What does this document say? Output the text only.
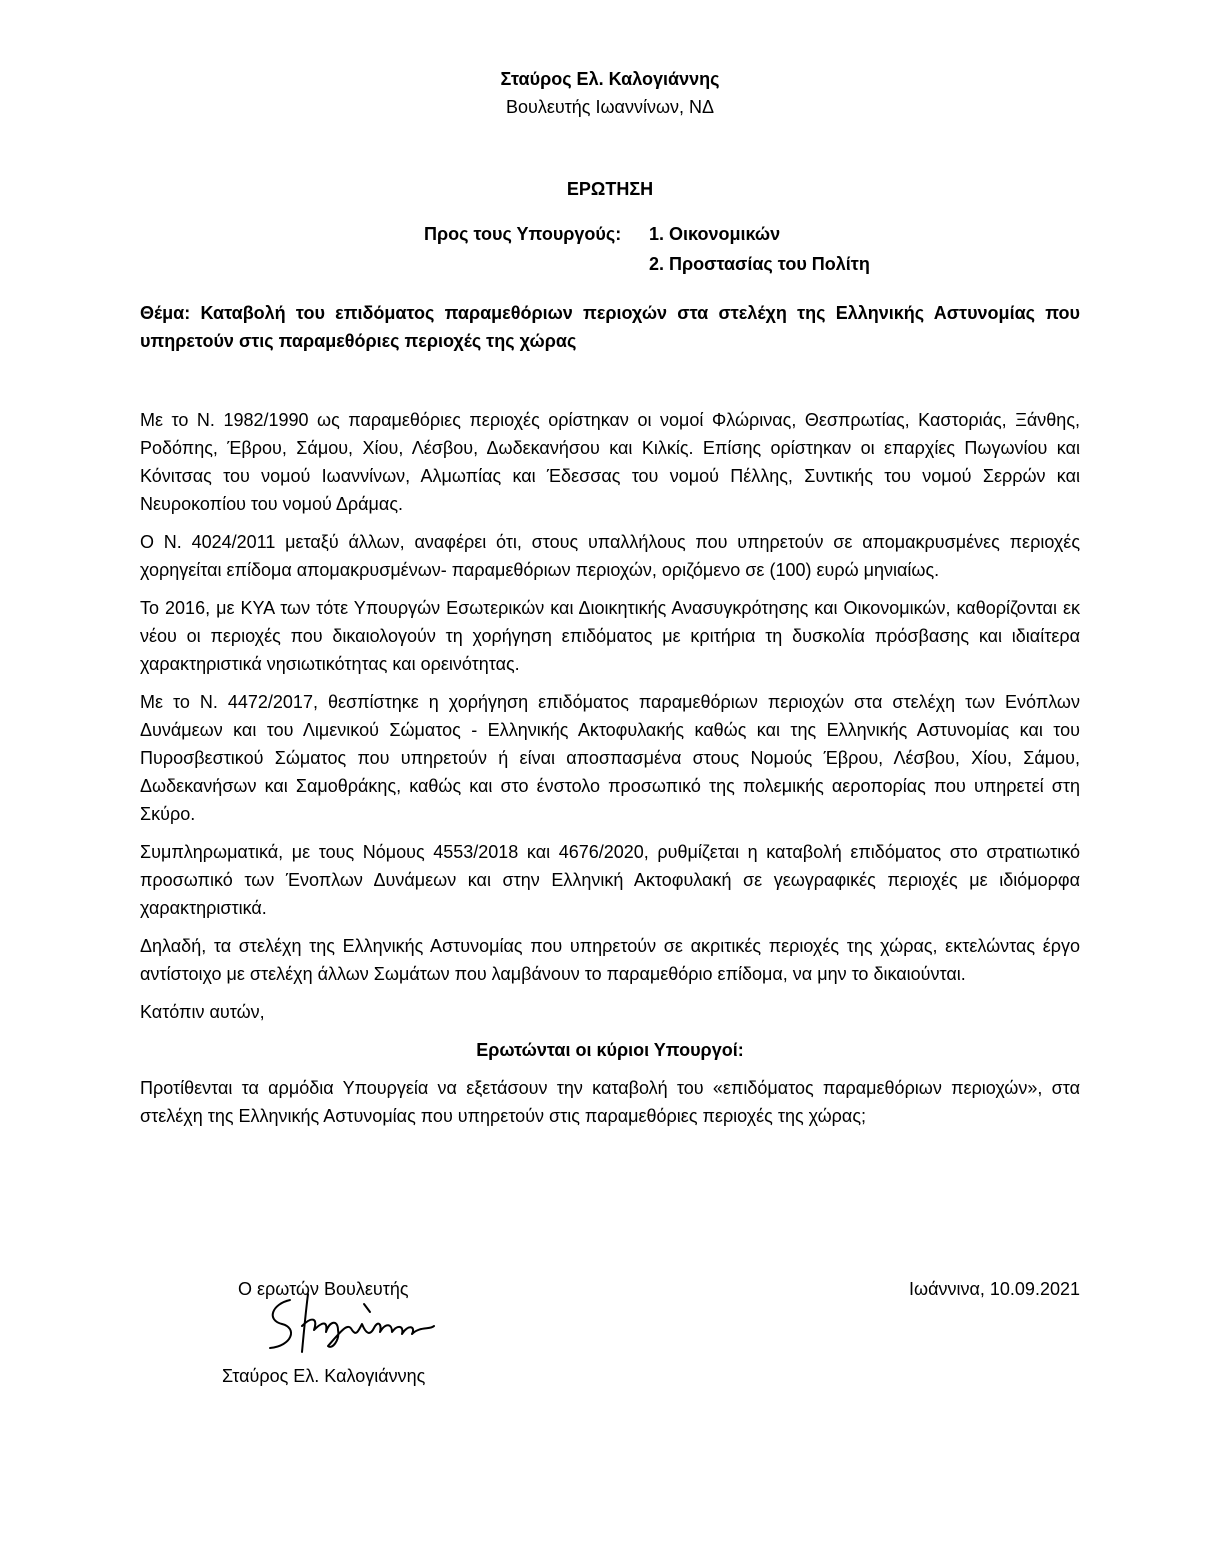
Σταύρος Ελ. Καλογιάννης
Βουλευτής Ιωαννίνων, ΝΔ
ΕΡΩΤΗΣΗ
Προς τους Υπουργούς:	1. Οικονομικών
2. Προστασίας του Πολίτη
Θέμα: Καταβολή του επιδόματος παραμεθόριων περιοχών στα στελέχη της Ελληνικής Αστυνομίας που υπηρετούν στις παραμεθόριες περιοχές της χώρας

Με το Ν. 1982/1990 ως παραμεθόριες περιοχές ορίστηκαν οι νομοί Φλώρινας, Θεσπρωτίας, Καστοριάς, Ξάνθης, Ροδόπης, Έβρου, Σάμου, Χίου, Λέσβου, Δωδεκανήσου και Κιλκίς. Επίσης ορίστηκαν οι επαρχίες Πωγωνίου και Κόνιτσας του νομού Ιωαννίνων, Αλμωπίας και Έδεσσας του νομού Πέλλης, Συντικής του νομού Σερρών και Νευροκοπίου του νομού Δράμας.

Ο Ν. 4024/2011 μεταξύ άλλων, αναφέρει ότι, στους υπαλλήλους που υπηρετούν σε απομακρυσμένες περιοχές χορηγείται επίδομα απομακρυσμένων- παραμεθόριων περιοχών, οριζόμενο σε (100) ευρώ μηνιαίως.

Το 2016, με ΚΥΑ των τότε Υπουργών Εσωτερικών και Διοικητικής Ανασυγκρότησης και Οικονομικών, καθορίζονται εκ νέου οι περιοχές που δικαιολογούν τη χορήγηση επιδόματος με κριτήρια τη δυσκολία πρόσβασης και ιδιαίτερα χαρακτηριστικά νησιωτικότητας και ορεινότητας.

Με το Ν. 4472/2017, θεσπίστηκε η χορήγηση επιδόματος παραμεθόριων περιοχών στα στελέχη των Ενόπλων Δυνάμεων και του Λιμενικού Σώματος - Ελληνικής Ακτοφυλακής καθώς και της Ελληνικής Αστυνομίας και του Πυροσβεστικού Σώματος που υπηρετούν ή είναι αποσπασμένα στους Νομούς Έβρου, Λέσβου, Χίου, Σάμου, Δωδεκανήσων και Σαμοθράκης, καθώς και στο ένστολο προσωπικό της πολεμικής αεροπορίας που υπηρετεί στη Σκύρο.

Συμπληρωματικά, με τους Νόμους 4553/2018 και 4676/2020, ρυθμίζεται η καταβολή επιδόματος στο στρατιωτικό προσωπικό των Ένοπλων Δυνάμεων και στην Ελληνική Ακτοφυλακή σε γεωγραφικές περιοχές με ιδιόμορφα χαρακτηριστικά.

Δηλαδή, τα στελέχη της Ελληνικής Αστυνομίας που υπηρετούν σε ακριτικές περιοχές της χώρας, εκτελώντας έργο αντίστοιχο με στελέχη άλλων Σωμάτων που λαμβάνουν το παραμεθόριο επίδομα, να μην το δικαιούνται.

Κατόπιν αυτών,

Ερωτώνται οι κύριοι Υπουργοί:

Προτίθενται τα αρμόδια Υπουργεία να εξετάσουν την καταβολή του «επιδόματος παραμεθόριων περιοχών», στα στελέχη της Ελληνικής Αστυνομίας που υπηρετούν στις παραμεθόριες περιοχές της χώρας;

Ο ερωτών Βουλευτής	Ιωάννινα, 10.09.2021
Σταύρος Ελ. Καλογιάννης
